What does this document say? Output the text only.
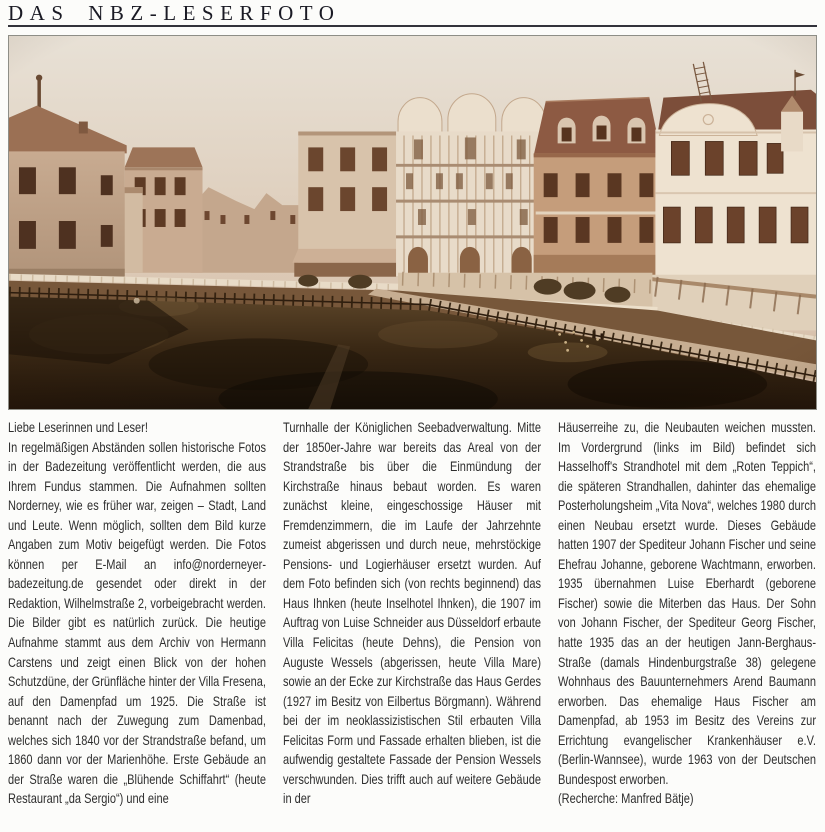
DAS NBZ-LESERFOTO

Liebe Leserinnen und Leser!

In regelmäßigen Abständen sollen historische Fotos in der Badezeitung veröffentlicht werden, die aus Ihrem Fundus stammen. Die Aufnahmen sollten Norderney, wie es früher war, zeigen – Stadt, Land und Leute. Wenn möglich, sollten dem Bild kurze Angaben zum Motiv beigefügt werden. Die Fotos können per E-Mail an info@norderneyer-badezeitung.de gesendet oder direkt in der Redaktion, Wilhelmstraße 2, vorbeigebracht werden. Die Bilder gibt es natürlich zurück. Die heutige Aufnahme stammt aus dem Archiv von Hermann Carstens und zeigt einen Blick von der hohen Schutzdüne, der Grünfläche hinter der Villa Fresena, auf den Damenpfad um 1925. Die Straße ist benannt nach der Zuwegung zum Damenbad, welches sich 1840 vor der Strandstraße befand, um 1860 dann vor der Marienhöhe. Erste Gebäude an der Straße waren die „Blühende Schiffahrt“ (heute Restaurant „da Sergio“) und eine

Turnhalle der Königlichen Seebadverwaltung. Mitte der 1850er-Jahre war bereits das Areal von der Strandstraße bis über die Einmündung der Kirchstraße hinaus bebaut worden. Es waren zunächst kleine, eingeschossige Häuser mit Fremdenzimmern, die im Laufe der Jahrzehnte zumeist abgerissen und durch neue, mehrstöckige Pensions- und Logierhäuser ersetzt wurden. Auf dem Foto befinden sich (von rechts beginnend) das Haus Ihnken (heute Inselhotel Ihnken), die 1907 im Auftrag von Luise Schneider aus Düsseldorf erbaute Villa Felicitas (heute Dehns), die Pension von Auguste Wessels (abgerissen, heute Villa Mare) sowie an der Ecke zur Kirchstraße das Haus Gerdes (1927 im Besitz von Eilbertus Börgmann). Während bei der im neoklassizistischen Stil erbauten Villa Felicitas Form und Fassade erhalten blieben, ist die aufwendig gestaltete Fassade der Pension Wessels verschwunden. Dies trifft auch auf weitere Gebäude in der

Häuserreihe zu, die Neubauten weichen mussten. Im Vordergrund (links im Bild) befindet sich Hasselhoff's Strandhotel mit dem „Roten Teppich“, die späteren Strandhallen, dahinter das ehemalige Posterholungsheim „Vita Nova“, welches 1980 durch einen Neubau ersetzt wurde. Dieses Gebäude hatten 1907 der Spediteur Johann Fischer und seine Ehefrau Johanne, geborene Wachtmann, erworben. 1935 übernahmen Luise Eberhardt (geborene Fischer) sowie die Miterben das Haus. Der Sohn von Johann Fischer, der Spediteur Georg Fischer, hatte 1935 das an der heutigen Jann-Berghaus-Straße (damals Hindenburgstraße 38) gelegene Wohnhaus des Bauunternehmers Arend Baumann erworben. Das ehemalige Haus Fischer am Damenpfad, ab 1953 im Besitz des Vereins zur Errichtung evangelischer Krankenhäuser e.V. (Berlin-Wannsee), wurde 1963 von der Deutschen Bundespost erworben.

(Recherche: Manfred Bätje)
